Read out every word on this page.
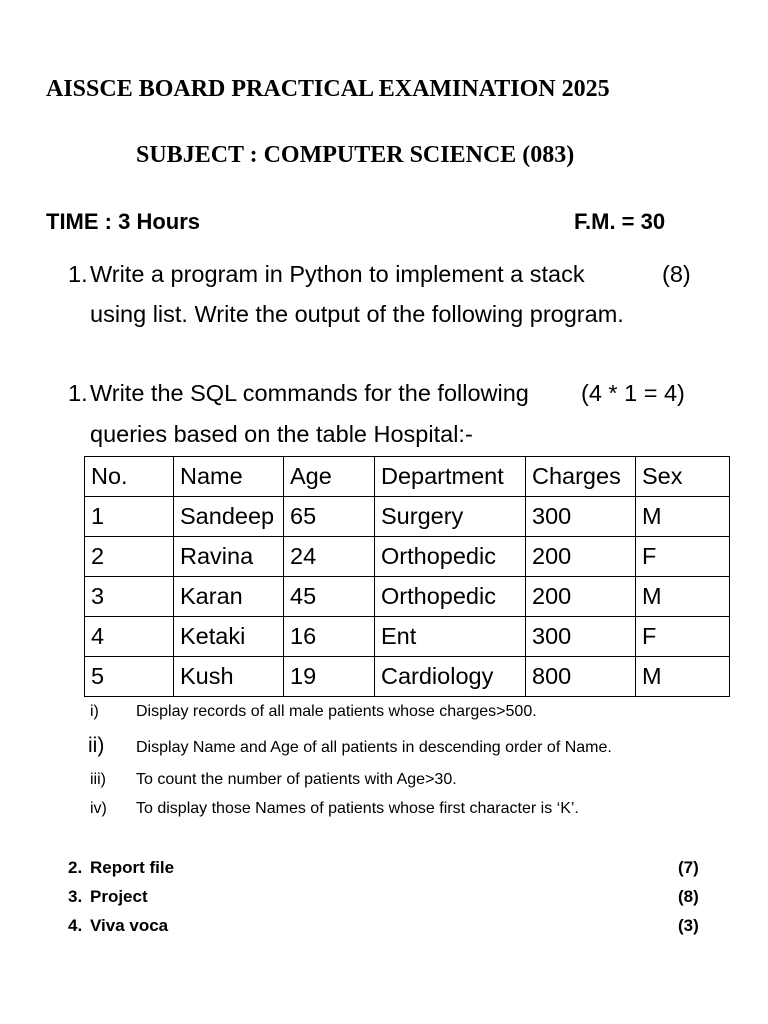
AISSCE BOARD PRACTICAL EXAMINATION 2025
SUBJECT : COMPUTER SCIENCE (083)
TIME : 3 Hours	F.M. = 30
1. Write a program in Python to implement a stack	(8)
using list. Write the output of the following program.
1. Write the SQL commands for the following (4 * 1 = 4)
queries based on the table Hospital:-
No.	Name	Age	Department	Charges	Sex
1	Sandeep	65	Surgery	300	M
2	Ravina	24	Orthopedic	200	F
3	Karan	45	Orthopedic	200	M
4	Ketaki	16	Ent	300	F
5	Kush	19	Cardiology	800	M
i) Display records of all male patients whose charges>500.
ii) Display Name and Age of all patients in descending order of Name.
iii) To count the number of patients with Age>30.
iv) To display those Names of patients whose first character is ‘K’.
2. Report file	(7)
3. Project	(8)
4. Viva voca	(3)
